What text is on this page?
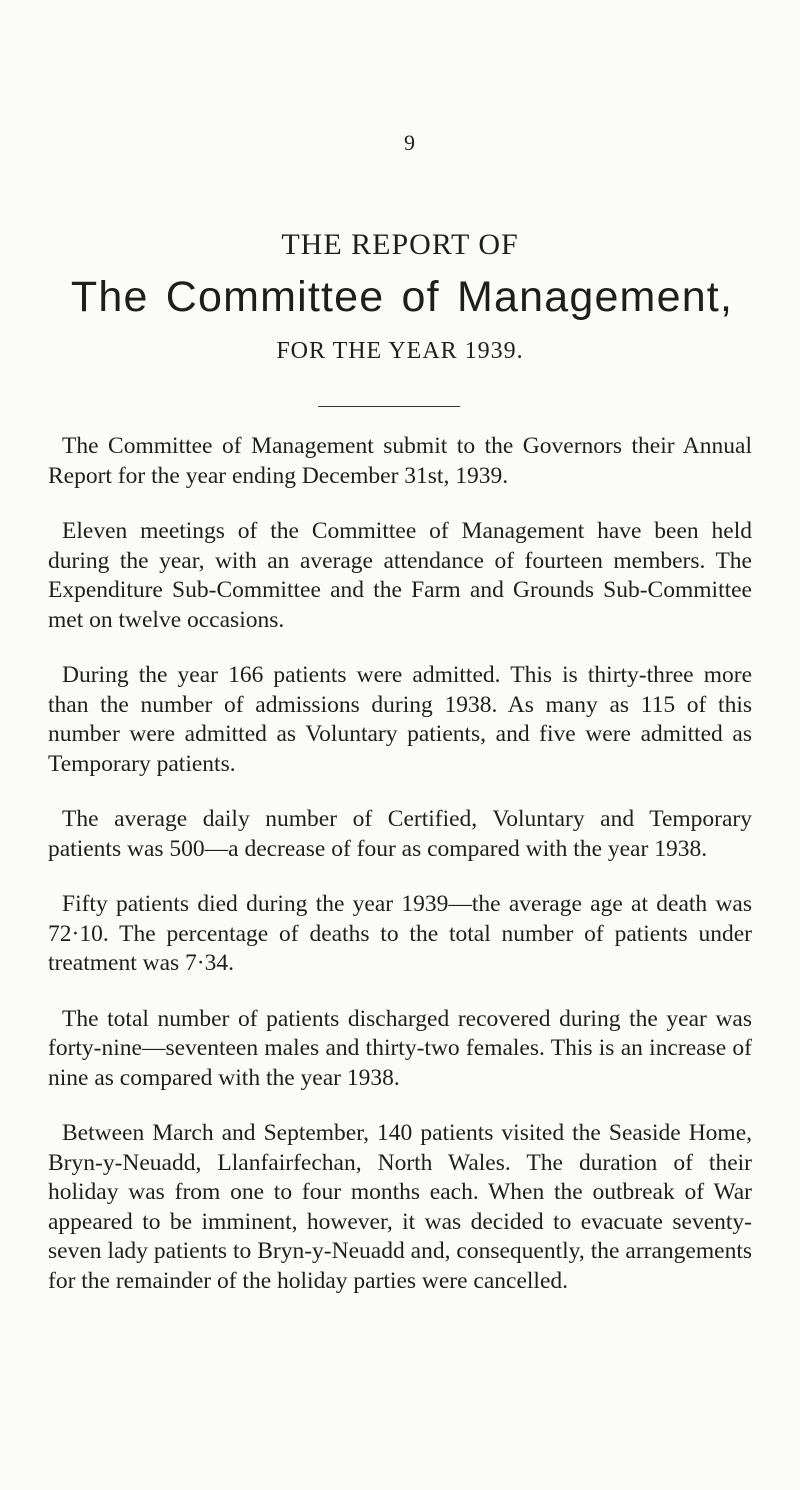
9
THE REPORT OF
The Committee of Management,
FOR THE YEAR 1939.

The Committee of Management submit to the Governors their Annual Report for the year ending December 31st, 1939.

Eleven meetings of the Committee of Management have been held during the year, with an average attendance of fourteen members. The Expenditure Sub-Committee and the Farm and Grounds Sub-Committee met on twelve occasions.

During the year 166 patients were admitted. This is thirty-three more than the number of admissions during 1938. As many as 115 of this number were admitted as Voluntary patients, and five were admitted as Temporary patients.

The average daily number of Certified, Voluntary and Temporary patients was 500—a decrease of four as compared with the year 1938.

Fifty patients died during the year 1939—the average age at death was 72·10. The percentage of deaths to the total number of patients under treatment was 7·34.

The total number of patients discharged recovered during the year was forty-nine—seventeen males and thirty-two females. This is an increase of nine as compared with the year 1938.

Between March and September, 140 patients visited the Seaside Home, Bryn-y-Neuadd, Llanfairfechan, North Wales. The duration of their holiday was from one to four months each. When the outbreak of War appeared to be imminent, however, it was decided to evacuate seventy-seven lady patients to Bryn-y-Neuadd and, consequently, the arrangements for the remainder of the holiday parties were cancelled.
